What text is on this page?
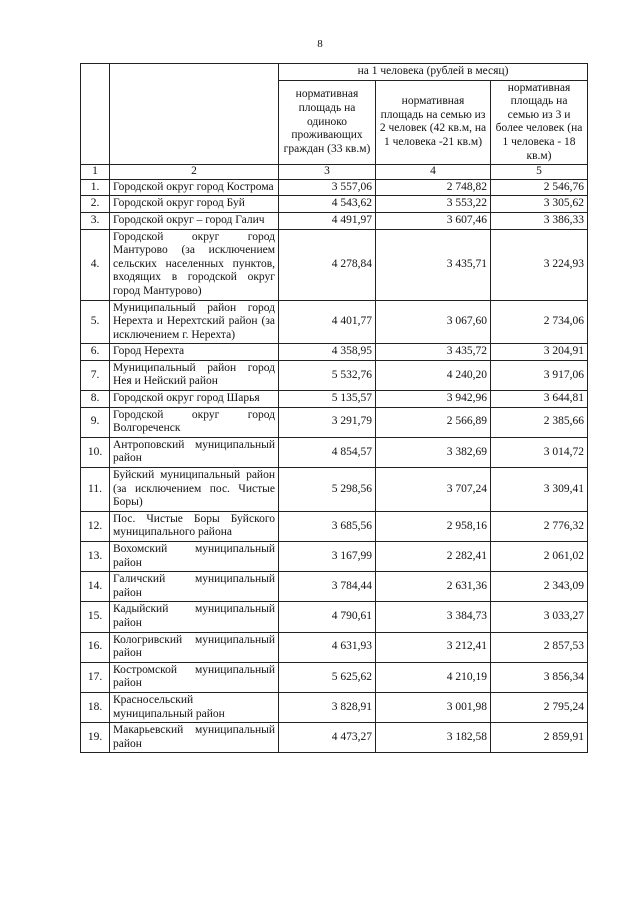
8
		на 1 человека (рублей в месяц)		
		нормативная площадь на одиноко проживающих граждан (33 кв.м)	нормативная площадь на семью из 2 человек (42 кв.м, на 1 человека -21 кв.м)	нормативная площадь на семью из 3 и более человек (на 1 человека - 18 кв.м)
1	2	3	4	5
1.	Городской округ город Кострома	3 557,06	2 748,82	2 546,76
2.	Городской округ город Буй	4 543,62	3 553,22	3 305,62
3.	Городской округ – город Галич	4 491,97	3 607,46	3 386,33
4.	Городской округ город Мантурово (за исключением сельских населенных пунктов, входящих в городской округ город Мантурово)	4 278,84	3 435,71	3 224,93
5.	Муниципальный район город Нерехта и Нерехтский район (за исключением г. Нерехта)	4 401,77	3 067,60	2 734,06
6.	Город Нерехта	4 358,95	3 435,72	3 204,91
7.	Муниципальный район город Нея и Нейский район	5 532,76	4 240,20	3 917,06
8.	Городской округ город Шарья	5 135,57	3 942,96	3 644,81
9.	Городской округ город Волгореченск	3 291,79	2 566,89	2 385,66
10.	Антроповский муниципальный район	4 854,57	3 382,69	3 014,72
11.	Буйский муниципальный район (за исключением пос. Чистые Боры)	5 298,56	3 707,24	3 309,41
12.	Пос. Чистые Боры Буйского муниципального района	3 685,56	2 958,16	2 776,32
13.	Вохомский муниципальный район	3 167,99	2 282,41	2 061,02
14.	Галичский муниципальный район	3 784,44	2 631,36	2 343,09
15.	Кадыйский муниципальный район	4 790,61	3 384,73	3 033,27
16.	Кологривский муниципальный район	4 631,93	3 212,41	2 857,53
17.	Костромской муниципальный район	5 625,62	4 210,19	3 856,34
18.	Красносельский муниципальный район	3 828,91	3 001,98	2 795,24
19.	Макарьевский муниципальный район	4 473,27	3 182,58	2 859,91
